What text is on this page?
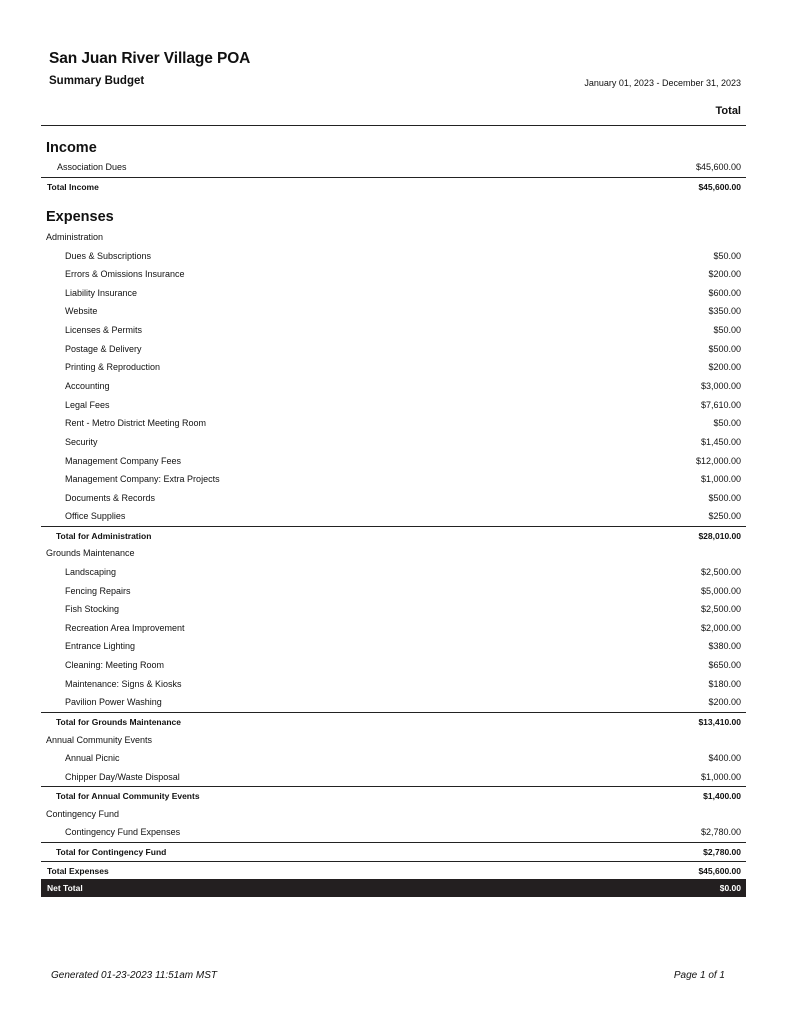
San Juan River Village POA
Summary Budget	January 01, 2023 - December 31, 2023
Total
Income
Association Dues	$45,600.00
Total Income	$45,600.00
Expenses
Administration
Dues & Subscriptions	$50.00
Errors & Omissions Insurance	$200.00
Liability Insurance	$600.00
Website	$350.00
Licenses & Permits	$50.00
Postage & Delivery	$500.00
Printing & Reproduction	$200.00
Accounting	$3,000.00
Legal Fees	$7,610.00
Rent - Metro District Meeting Room	$50.00
Security	$1,450.00
Management Company Fees	$12,000.00
Management Company: Extra Projects	$1,000.00
Documents & Records	$500.00
Office Supplies	$250.00
Total for Administration	$28,010.00
Grounds Maintenance
Landscaping	$2,500.00
Fencing Repairs	$5,000.00
Fish Stocking	$2,500.00
Recreation Area Improvement	$2,000.00
Entrance Lighting	$380.00
Cleaning: Meeting Room	$650.00
Maintenance: Signs & Kiosks	$180.00
Pavilion Power Washing	$200.00
Total for Grounds Maintenance	$13,410.00
Annual Community Events
Annual Picnic	$400.00
Chipper Day/Waste Disposal	$1,000.00
Total for Annual Community Events	$1,400.00
Contingency Fund
Contingency Fund Expenses	$2,780.00
Total for Contingency Fund	$2,780.00
Total Expenses	$45,600.00
Net Total	$0.00
Generated 01-23-2023 11:51am MST	Page 1 of 1
